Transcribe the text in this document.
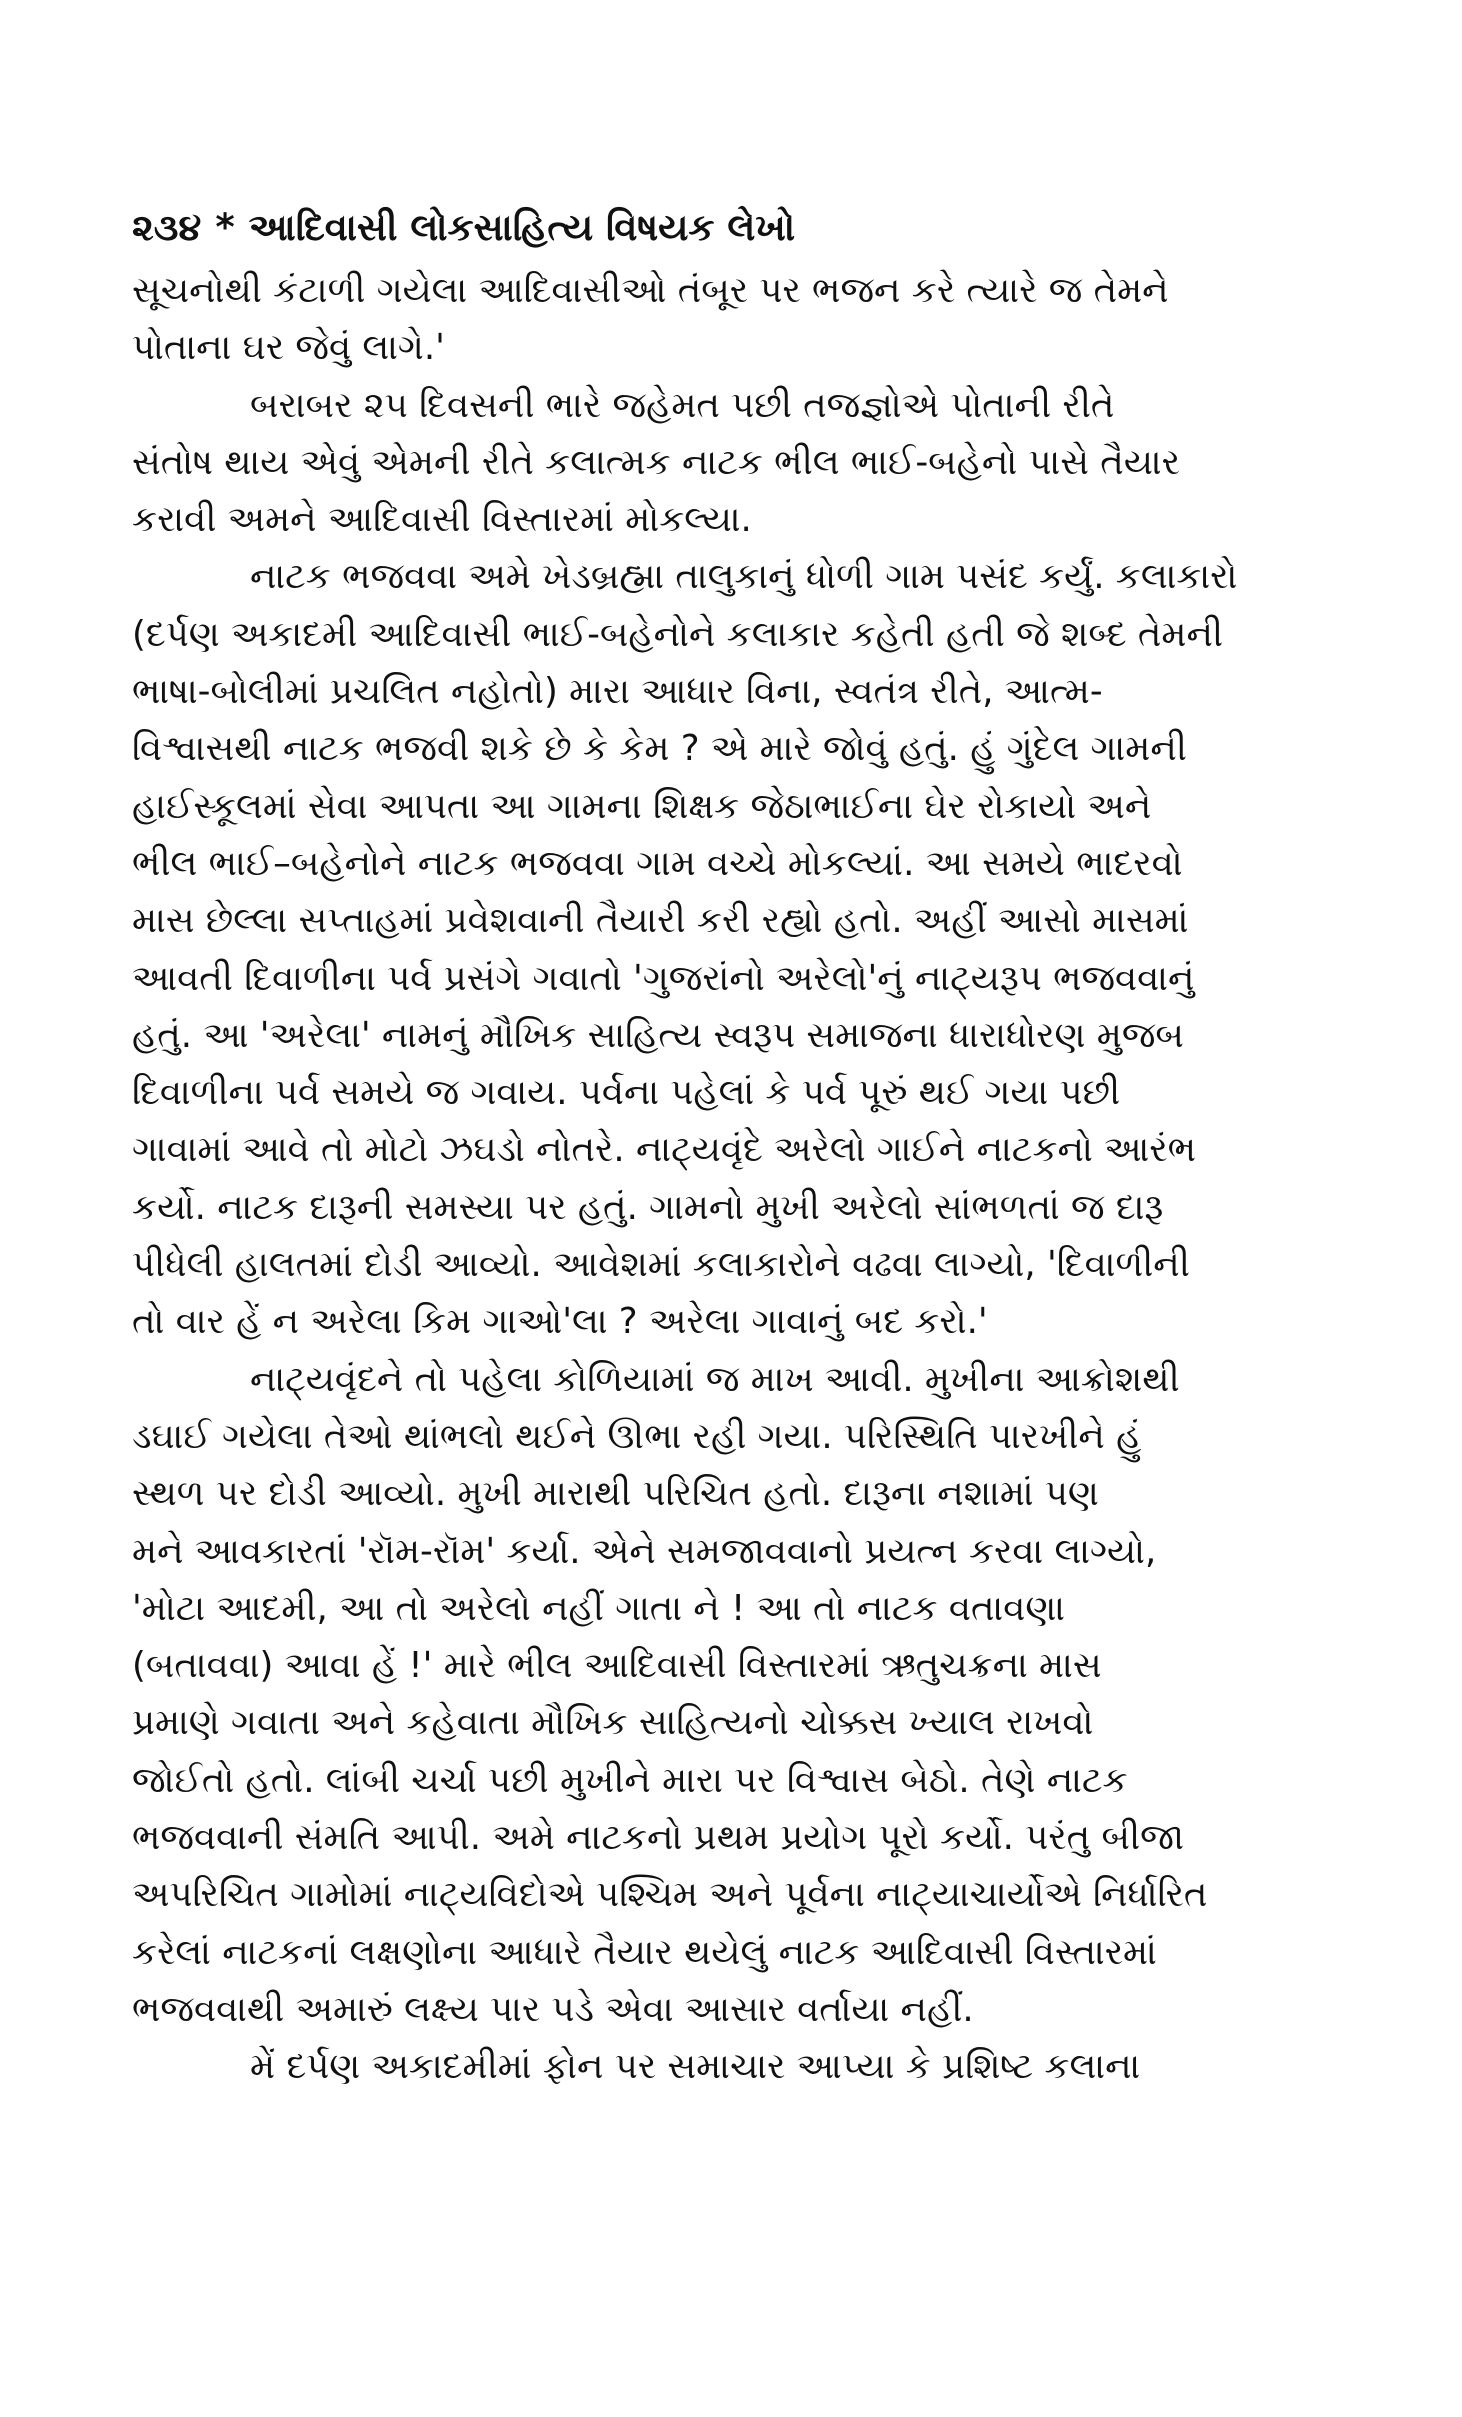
૨૩૪ * આદિવાસી લોકસાહિત્ય વિષયક લેખો
સૂચનોથી કંટાળી ગયેલા આદિવાસીઓ તંબૂર પર ભજન કરે ત્યારે જ તેમને
પોતાના ઘર જેવું લાગે.'
બરાબર ૨૫ દિવસની ભારે જહેમત પછી તજજ્ઞોએ પોતાની રીતે
સંતોષ થાય એવું એમની રીતે કલાત્મક નાટક ભીલ ભાઈ-બહેનો પાસે તૈયાર
કરાવી અમને આદિવાસી વિસ્તારમાં મોકલ્યા.
નાટક ભજવવા અમે ખેડબ્રહ્મા તાલુકાનું ધોળી ગામ પસંદ કર્યું. કલાકારો
(દર્પણ અકાદમી આદિવાસી ભાઈ-બહેનોને કલાકાર કહેતી હતી જે શબ્દ તેમની
ભાષા-બોલીમાં પ્રચલિત નહોતો) મારા આધાર વિના, સ્વતંત્ર રીતે, આત્મ-
વિશ્વાસથી નાટક ભજવી શકે છે કે કેમ ? એ મારે જોવું હતું. હું ગુંદેલ ગામની
હાઈસ્કૂલમાં સેવા આપતા આ ગામના શિક્ષક જેઠાભાઈના ઘેર રોકાયો અને
ભીલ ભાઈ–બહેનોને નાટક ભજવવા ગામ વચ્ચે મોકલ્યાં. આ સમયે ભાદરવો
માસ છેલ્લા સપ્તાહમાં પ્રવેશવાની તૈયારી કરી રહ્યો હતો. અહીં આસો માસમાં
આવતી દિવાળીના પર્વ પ્રસંગે ગવાતો 'ગુજરાંનો અરેલો'નું નાટ્યરૂપ ભજવવાનું
હતું. આ 'અરેલા' નામનું મૌખિક સાહિત્ય સ્વરૂપ સમાજના ધારાધોરણ મુજબ
દિવાળીના પર્વ સમયે જ ગવાય. પર્વના પહેલાં કે પર્વ પૂરું થઈ ગયા પછી
ગાવામાં આવે તો મોટો ઝઘડો નોતરે. નાટ્યવૃંદે અરેલો ગાઈને નાટકનો આરંભ
કર્યો. નાટક દારૂની સમસ્યા પર હતું. ગામનો મુખી અરેલો સાંભળતાં જ દારૂ
પીધેલી હાલતમાં દોડી આવ્યો. આવેશમાં કલાકારોને વઢવા લાગ્યો, 'દિવાળીની
તો વાર હેં ન અરેલા કિમ ગાઓ'લા ? અરેલા ગાવાનું બદ કરો.'
નાટ્યવૃંદને તો પહેલા કોળિયામાં જ માખ આવી. મુખીના આક્રોશથી
ડઘાઈ ગયેલા તેઓ થાંભલો થઈને ઊભા રહી ગયા. પરિસ્થિતિ પારખીને હું
સ્થળ પર દોડી આવ્યો. મુખી મારાથી પરિચિત હતો. દારૂના નશામાં પણ
મને આવકારતાં 'રૉમ-રૉમ' કર્યા. એને સમજાવવાનો પ્રયત્ન કરવા લાગ્યો,
'મોટા આદમી, આ તો અરેલો નહીં ગાતા ને ! આ તો નાટક વતાવણા
(બતાવવા) આવા હેં !' મારે ભીલ આદિવાસી વિસ્તારમાં ઋતુચક્રના માસ
પ્રમાણે ગવાતા અને કહેવાતા મૌખિક સાહિત્યનો ચોક્કસ ખ્યાલ રાખવો
જોઈતો હતો. લાંબી ચર્ચા પછી મુખીને મારા પર વિશ્વાસ બેઠો. તેણે નાટક
ભજવવાની સંમતિ આપી. અમે નાટકનો પ્રથમ પ્રયોગ પૂરો કર્યો. પરંતુ બીજા
અપરિચિત ગામોમાં નાટ્યવિદોએ પશ્ચિમ અને પૂર્વના નાટ્યાચાર્યોએ નિર્ધારિત
કરેલાં નાટકનાં લક્ષણોના આધારે તૈયાર થયેલું નાટક આદિવાસી વિસ્તારમાં
ભજવવાથી અમારું લક્ષ્ય પાર પડે એવા આસાર વર્તાયા નહીં.
મેં દર્પણ અકાદમીમાં ફોન પર સમાચાર આપ્યા કે પ્રશિષ્ટ કલાના
